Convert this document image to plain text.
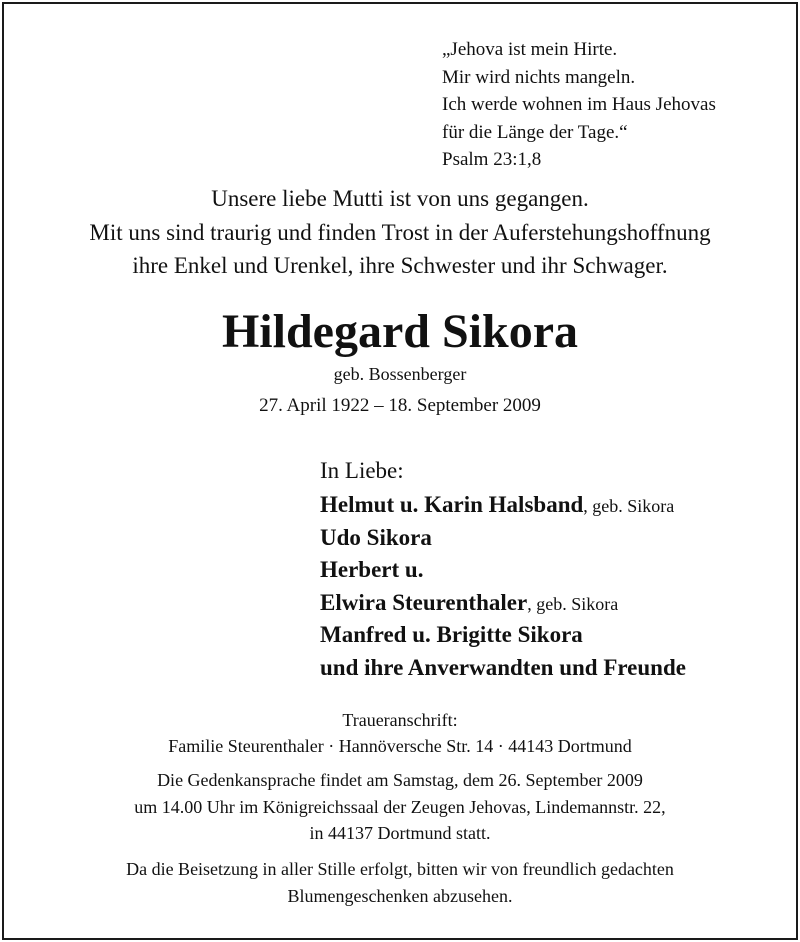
„Jehova ist mein Hirte.
Mir wird nichts mangeln.
Ich werde wohnen im Haus Jehovas
für die Länge der Tage.“
Psalm 23:1,8
Unsere liebe Mutti ist von uns gegangen.
Mit uns sind traurig und finden Trost in der Auferstehungshoffnung
ihre Enkel und Urenkel, ihre Schwester und ihr Schwager.
Hildegard Sikora
geb. Bossenberger
27. April 1922 – 18. September 2009
In Liebe:
Helmut u. Karin Halsband, geb. Sikora
Udo Sikora
Herbert u.
Elwira Steurenthaler, geb. Sikora
Manfred u. Brigitte Sikora
und ihre Anverwandten und Freunde
Traueranschrift:
Familie Steurenthaler · Hannöversche Str. 14 · 44143 Dortmund
Die Gedenkansprache findet am Samstag, dem 26. September 2009
um 14.00 Uhr im Königreichssaal der Zeugen Jehovas, Lindemannstr. 22,
in 44137 Dortmund statt.
Da die Beisetzung in aller Stille erfolgt, bitten wir von freundlich gedachten
Blumengeschenken abzusehen.
